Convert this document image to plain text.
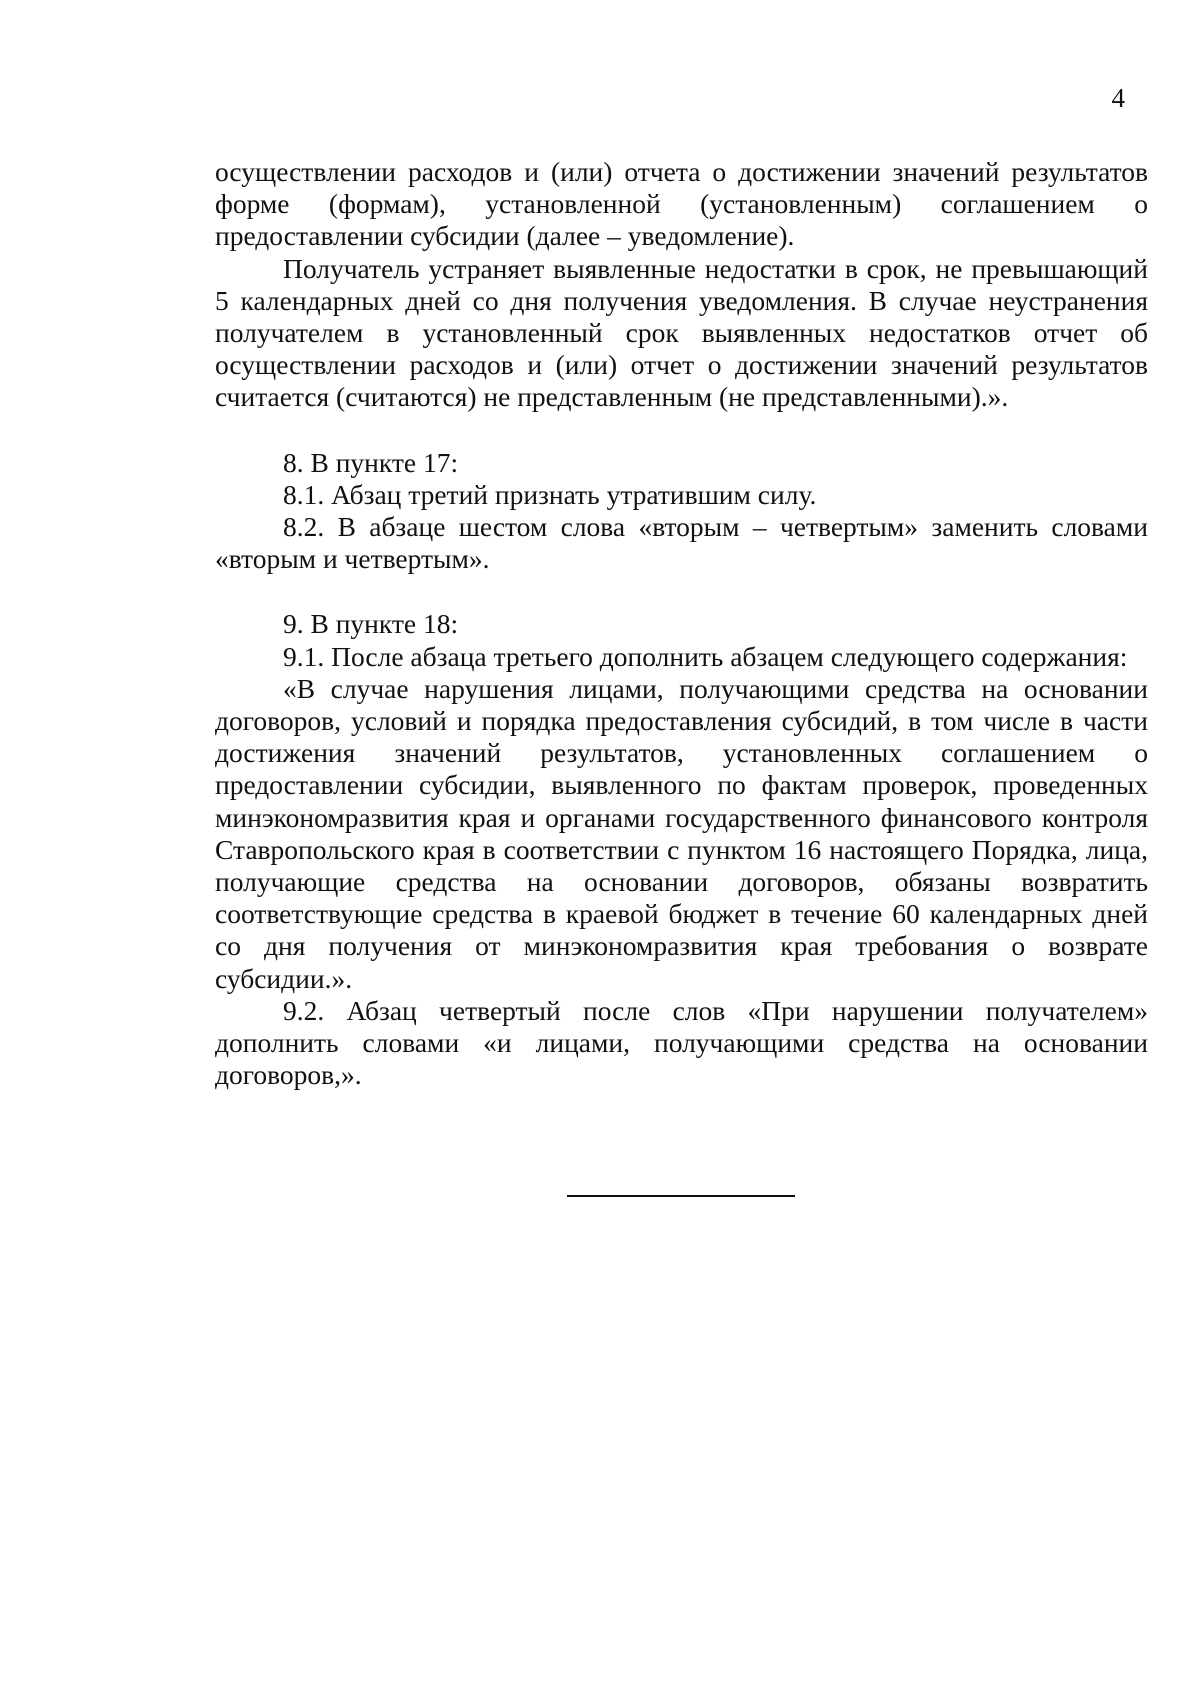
4

осуществлении расходов и (или) отчета о достижении значений результатов форме (формам), установленной (установленным) соглашением о предоставлении субсидии (далее – уведомление).

Получатель устраняет выявленные недостатки в срок, не превышающий 5 календарных дней со дня получения уведомления. В случае неустранения получателем в установленный срок выявленных недостатков отчет об осуществлении расходов и (или) отчет о достижении значений результатов считается (считаются) не представленным (не представленными).».

8. В пункте 17:

8.1. Абзац третий признать утратившим силу.

8.2. В абзаце шестом слова «вторым – четвертым» заменить словами «вторым и четвертым».

9. В пункте 18:

9.1. После абзаца третьего дополнить абзацем следующего содержания:

«В случае нарушения лицами, получающими средства на основании договоров, условий и порядка предоставления субсидий, в том числе в части достижения значений результатов, установленных соглашением о предоставлении субсидии, выявленного по фактам проверок, проведенных минэкономразвития края и органами государственного финансового контроля Ставропольского края в соответствии с пунктом 16 настоящего Порядка, лица, получающие средства на основании договоров, обязаны возвратить соответствующие средства в краевой бюджет в течение 60 календарных дней со дня получения от минэкономразвития края требования о возврате субсидии.».

9.2. Абзац четвертый после слов «При нарушении получателем» дополнить словами «и лицами, получающими средства на основании договоров,».
